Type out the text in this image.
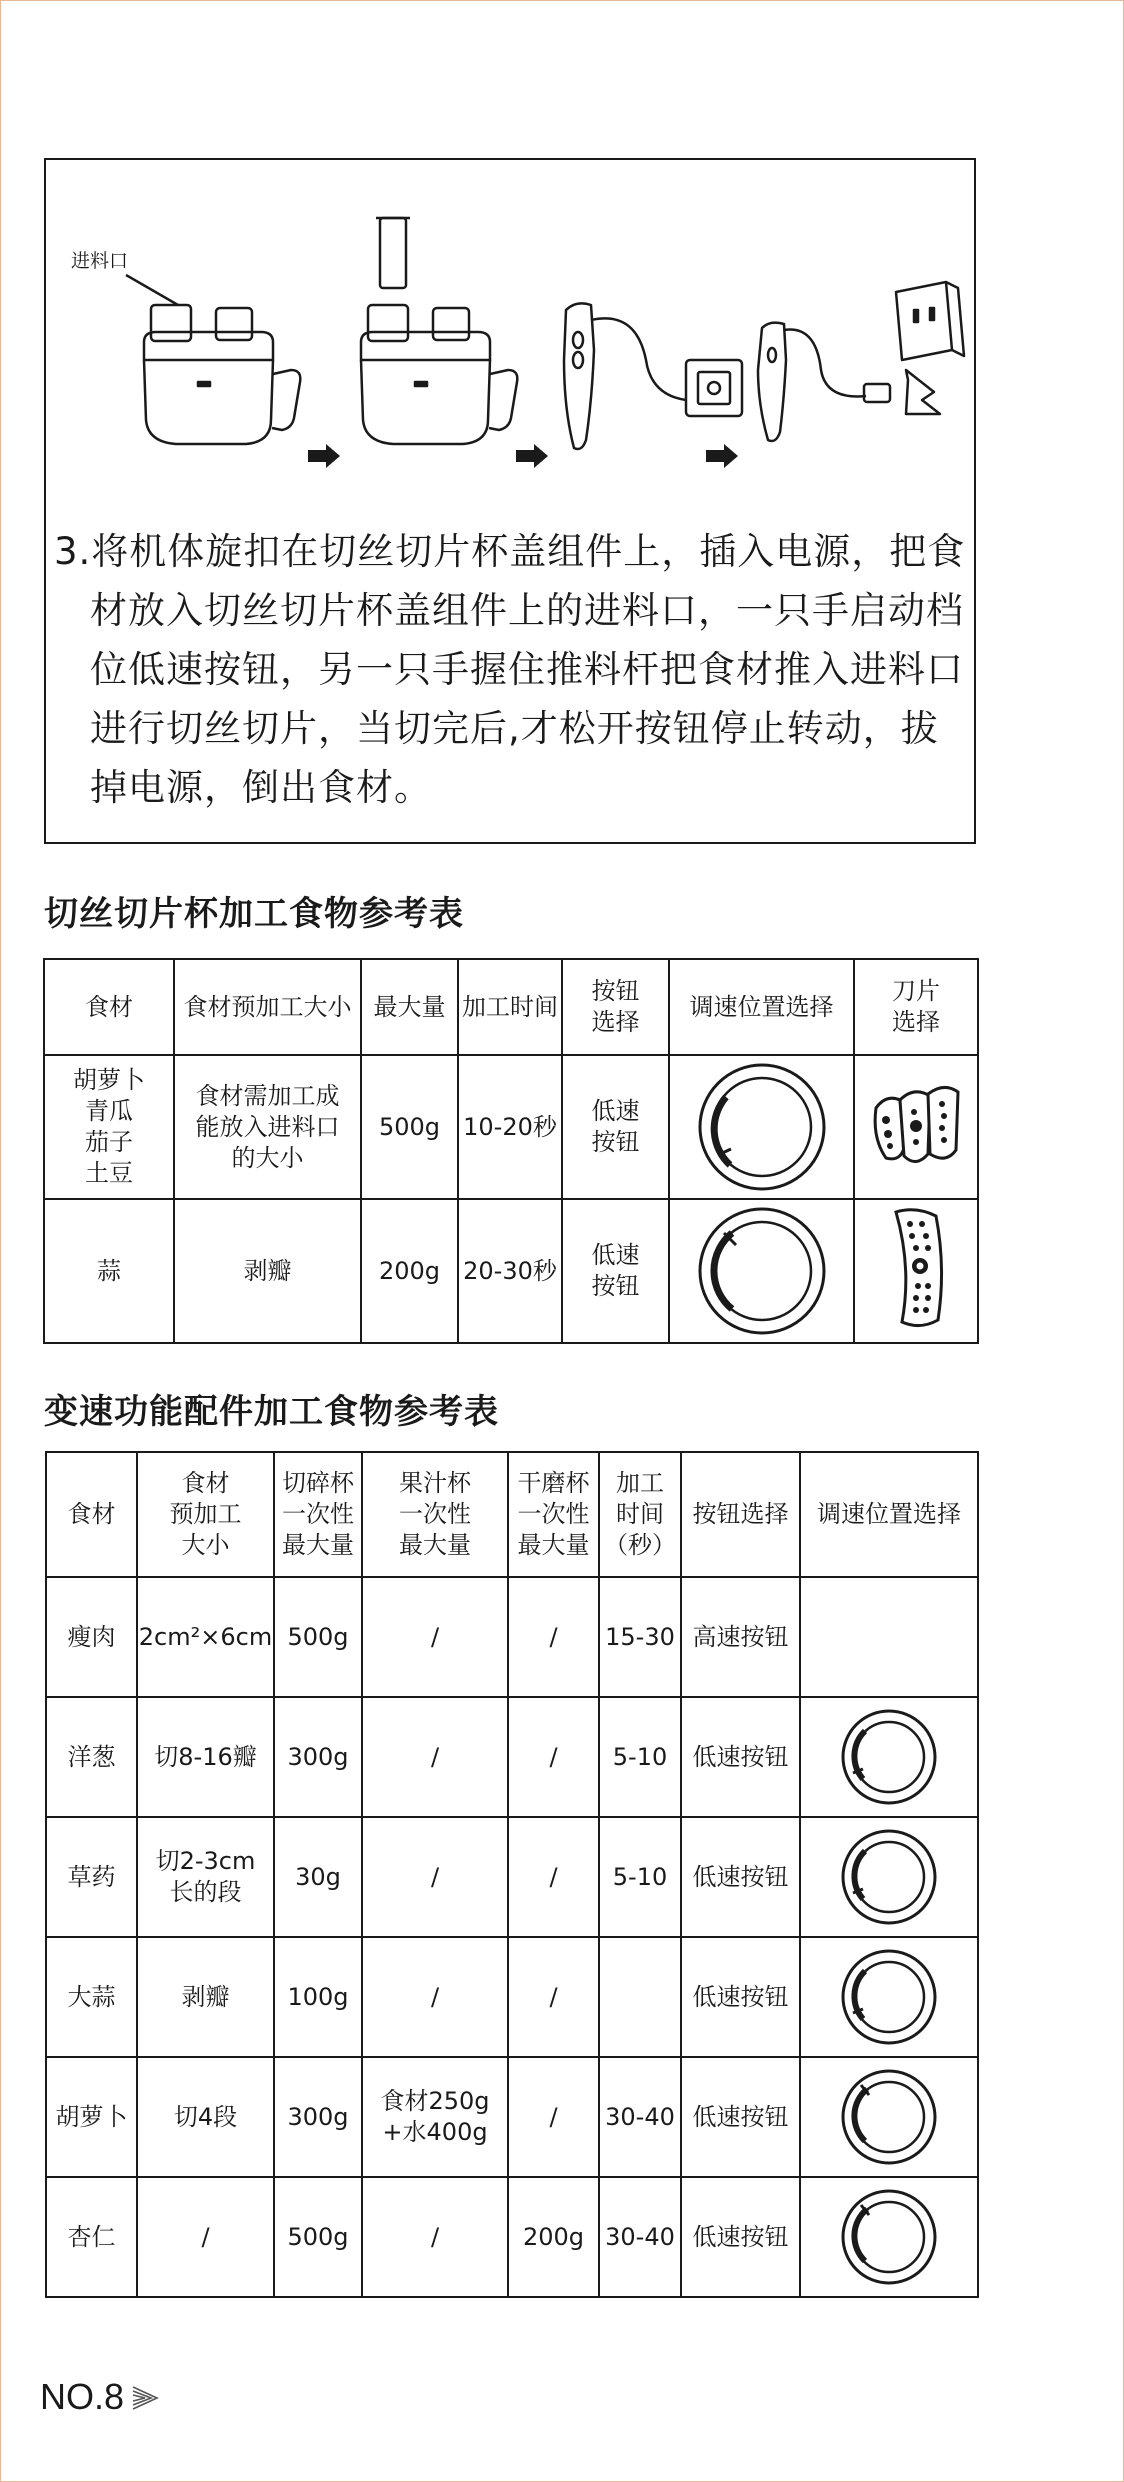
进料口
3.将机体旋扣在切丝切片杯盖组件上，插入电源，把食
材放入切丝切片杯盖组件上的进料口，一只手启动档
位低速按钮，另一只手握住推料杆把食材推入进料口
进行切丝切片，当切完后,才松开按钮停止转动，拔
掉电源，倒出食材。
切丝切片杯加工食物参考表
食材	食材预加工大小	最大量	加工时间	按钮选择	调速位置选择	刀片选择

胡萝卜
青瓜
茄子
土豆	食材需加工成
能放入进料口
的大小	500g	10-20秒	低速
按钮

蒜	剥瓣	200g	20-30秒	低速
按钮

变速功能配件加工食物参考表
食材	食材
预加工
大小	切碎杯
一次性
最大量	果汁杯
一次性
最大量	干磨杯
一次性
最大量	加工
时间
（秒）	按钮选择	调速位置选择
瘦肉	2cm²×6cm	500g	/	/	15-30	高速按钮	
洋葱	切8-16瓣	300g	/	/	5-10	低速按钮	

草药	切2-3cm
长的段	30g	/	/	5-10	低速按钮	

大蒜	剥瓣	100g	/	/		低速按钮	

胡萝卜	切4段	300g	食材250g
+水400g	/	30-40	低速按钮	

杏仁	/	500g	/	200g	30-40	低速按钮	
NO.8
